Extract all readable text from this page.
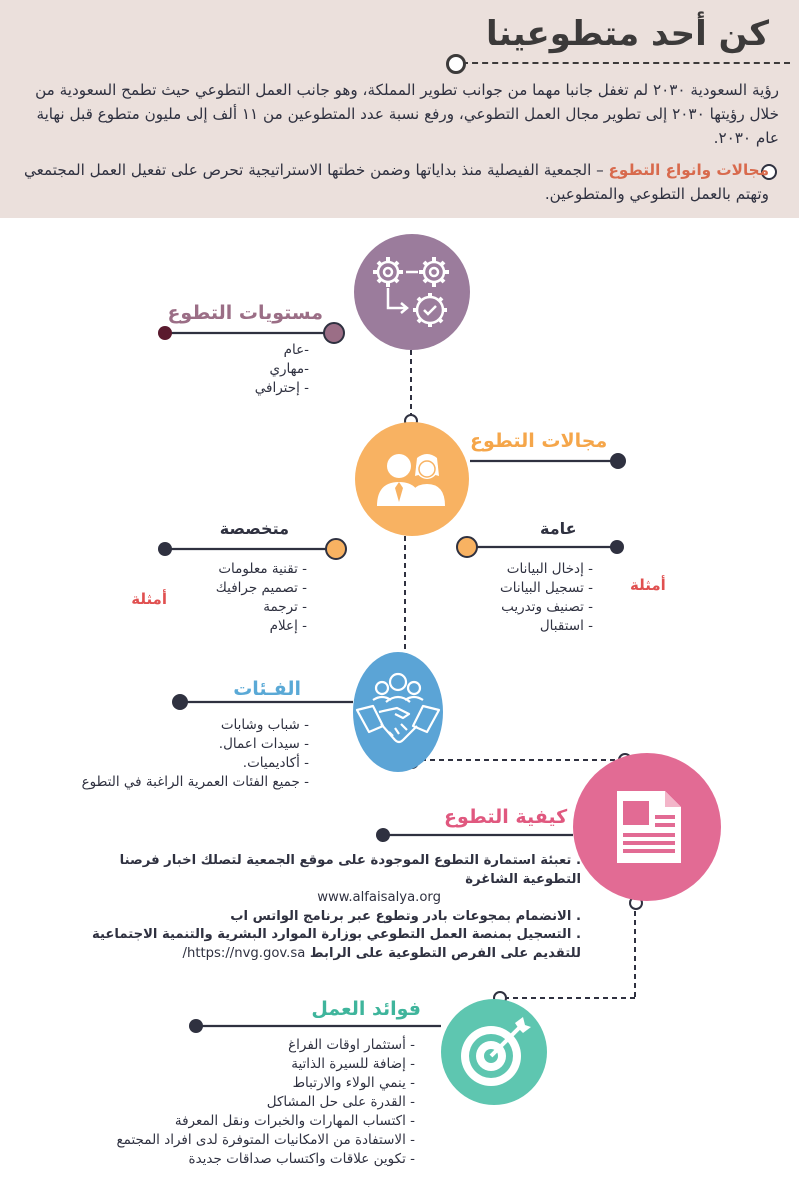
كن أحد متطوعينا
رؤية السعودية ٢٠٣٠ لم تغفل جانبا مهما من جوانب تطوير المملكة، وهو جانب العمل التطوعي حيث تطمح السعودية من خلال رؤيتها ٢٠٣٠ إلى تطوير مجال العمل التطوعي، ورفع نسبة عدد المتطوعين من ١١ ألف إلى مليون متطوع قبل نهاية عام ٢٠٣٠.
مجالات وانواع التطوع – الجمعية الفيصلية منذ بداياتها وضمن خطتها الاستراتيجية تحرص على تفعيل العمل المجتمعي وتهتم بالعمل التطوعي والمتطوعين.
مستويات التطوع
-عام
-مهاري
- إحترافي
مجالات التطوع
متخصصة	عامة
- تقنية معلومات
- تصميم جرافيك
- ترجمة
- إعلام
- إدخال البيانات
- تسجيل البيانات
- تصنيف وتدريب
- استقبال
أمثلة
أمثلة
الفـئات
- شباب وشابات
- سيدات اعمال.
- أكاديميات.
- جميع الفئات العمرية الراغبة في التطوع
كيفية التطوع

. تعبئة استمارة التطوع الموجودة على موقع الجمعية لتصلك اخبار فرصنا التطوعية الشاغرة

www.alfaisalya.org

. الانضمام بمجوعات بادر وتطوع عبر برنامج الواتس اب

. التسجيل بمنصة العمل التطوعي بوزارة الموارد البشرية والتنمية الاجتماعية للتقديم على الفرص التطوعية على الرابط https://nvg.gov.sa/

فوائد العمل
- أستثمار اوقات الفراغ
- إضافة للسيرة الذاتية
- ينمي الولاء والارتباط
- القدرة على حل المشاكل
- اكتساب المهارات والخبرات ونقل المعرفة
- الاستفادة من الامكانيات المتوفرة لدى افراد المجتمع
- تكوين علاقات واكتساب صداقات جديدة
